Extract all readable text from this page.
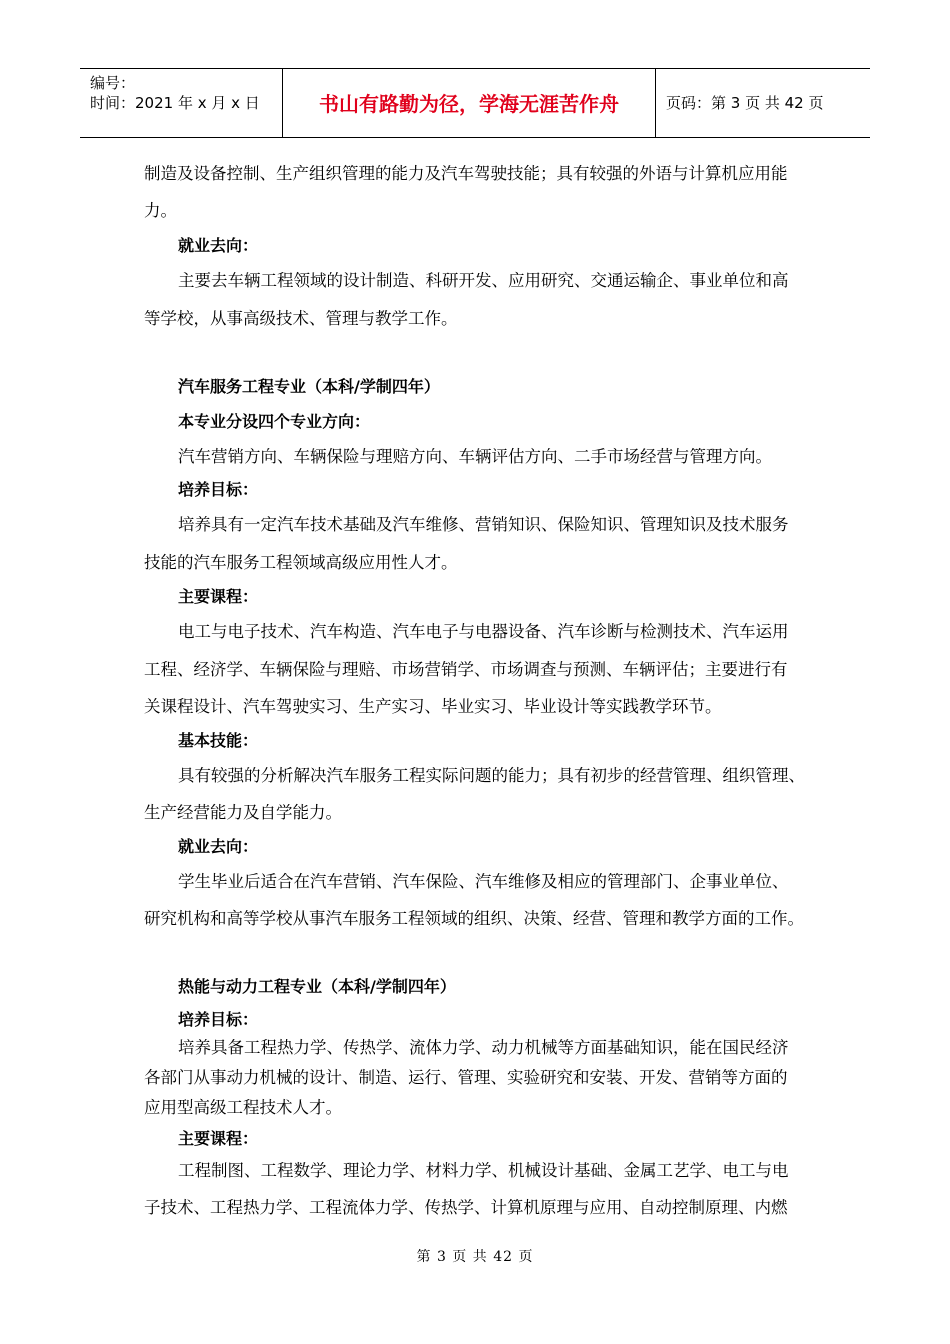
编号：
时间：2021 年 x 月 x 日	书山有路勤为径，学海无涯苦作舟	页码：第 3 页 共 42 页
制造及设备控制、生产组织管理的能力及汽车驾驶技能；具有较强的外语与计算机应用能
力。
就业去向：
主要去车辆工程领域的设计制造、科研开发、应用研究、交通运输企、事业单位和高
等学校，从事高级技术、管理与教学工作。
汽车服务工程专业（本科/学制四年）
本专业分设四个专业方向：
汽车营销方向、车辆保险与理赔方向、车辆评估方向、二手市场经营与管理方向。
培养目标：
培养具有一定汽车技术基础及汽车维修、营销知识、保险知识、管理知识及技术服务
技能的汽车服务工程领域高级应用性人才。
主要课程：
电工与电子技术、汽车构造、汽车电子与电器设备、汽车诊断与检测技术、汽车运用
工程、经济学、车辆保险与理赔、市场营销学、市场调查与预测、车辆评估；主要进行有
关课程设计、汽车驾驶实习、生产实习、毕业实习、毕业设计等实践教学环节。
基本技能：
具有较强的分析解决汽车服务工程实际问题的能力；具有初步的经营管理、组织管理、
生产经营能力及自学能力。
就业去向：
学生毕业后适合在汽车营销、汽车保险、汽车维修及相应的管理部门、企事业单位、
研究机构和高等学校从事汽车服务工程领域的组织、决策、经营、管理和教学方面的工作。
热能与动力工程专业（本科/学制四年）
培养目标：
培养具备工程热力学、传热学、流体力学、动力机械等方面基础知识，能在国民经济
各部门从事动力机械的设计、制造、运行、管理、实验研究和安装、开发、营销等方面的
应用型高级工程技术人才。
主要课程：
工程制图、工程数学、理论力学、材料力学、机械设计基础、金属工艺学、电工与电
子技术、工程热力学、工程流体力学、传热学、计算机原理与应用、自动控制原理、内燃
第 3 页 共 42 页
